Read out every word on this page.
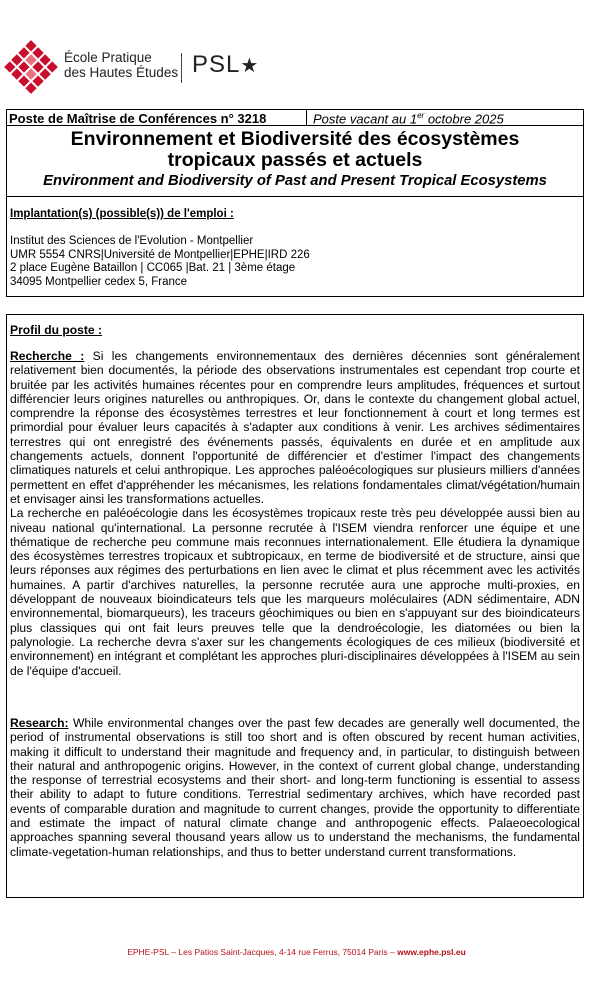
École Pratique
des Hautes Études PSL★
Poste de Maîtrise de Conférences n° 3218	Poste vacant au 1er octobre 2025
Environnement et Biodiversité des écosystèmes
tropicaux passés et actuels
Environment and Biodiversity of Past and Present Tropical Ecosystems
Implantation(s) (possible(s)) de l'emploi :
Institut des Sciences de l'Evolution - Montpellier
UMR 5554 CNRS|Université de Montpellier|EPHE|IRD 226
2 place Eugène Bataillon | CC065 |Bat. 21 | 3ème étage
34095 Montpellier cedex 5, France
Profil du poste :
Recherche : Si les changements environnementaux des dernières décennies sont généralement relativement bien documentés, la période des observations instrumentales est cependant trop courte et bruitée par les activités humaines récentes pour en comprendre leurs amplitudes, fréquences et surtout différencier leurs origines naturelles ou anthropiques. Or, dans le contexte du changement global actuel, comprendre la réponse des écosystèmes terrestres et leur fonctionnement à court et long termes est primordial pour évaluer leurs capacités à s'adapter aux conditions à venir. Les archives sédimentaires terrestres qui ont enregistré des événements passés, équivalents en durée et en amplitude aux changements actuels, donnent l'opportunité de différencier et d'estimer l'impact des changements climatiques naturels et celui anthropique. Les approches paléoécologiques sur plusieurs milliers d'années permettent en effet d'appréhender les mécanismes, les relations fondamentales climat/végétation/humain et envisager ainsi les transformations actuelles.
La recherche en paléoécologie dans les écosystèmes tropicaux reste très peu développée aussi bien au niveau national qu'international. La personne recrutée à l'ISEM viendra renforcer une équipe et une thématique de recherche peu commune mais reconnues internationalement. Elle étudiera la dynamique des écosystèmes terrestres tropicaux et subtropicaux, en terme de biodiversité et de structure, ainsi que leurs réponses aux régimes des perturbations en lien avec le climat et plus récemment avec les activités humaines. A partir d'archives naturelles, la personne recrutée aura une approche multi-proxies, en développant de nouveaux bioindicateurs tels que les marqueurs moléculaires (ADN sédimentaire, ADN environnemental, biomarqueurs), les traceurs géochimiques ou bien en s'appuyant sur des bioindicateurs plus classiques qui ont fait leurs preuves telle que la dendroécologie, les diatomées ou bien la palynologie. La recherche devra s'axer sur les changements écologiques de ces milieux (biodiversité et environnement) en intégrant et complétant les approches pluri-disciplinaires développées à l'ISEM au sein de l'équipe d'accueil.
Research: While environmental changes over the past few decades are generally well documented, the period of instrumental observations is still too short and is often obscured by recent human activities, making it difficult to understand their magnitude and frequency and, in particular, to distinguish between their natural and anthropogenic origins. However, in the context of current global change, understanding the response of terrestrial ecosystems and their short- and long-term functioning is essential to assess their ability to adapt to future conditions. Terrestrial sedimentary archives, which have recorded past events of comparable duration and magnitude to current changes, provide the opportunity to differentiate and estimate the impact of natural climate change and anthropogenic effects. Palaeoecological approaches spanning several thousand years allow us to understand the mechanisms, the fundamental climate-vegetation-human relationships, and thus to better understand current transformations.
EPHE-PSL – Les Patios Saint-Jacques, 4-14 rue Ferrus, 75014 Paris – www.ephe.psl.eu
